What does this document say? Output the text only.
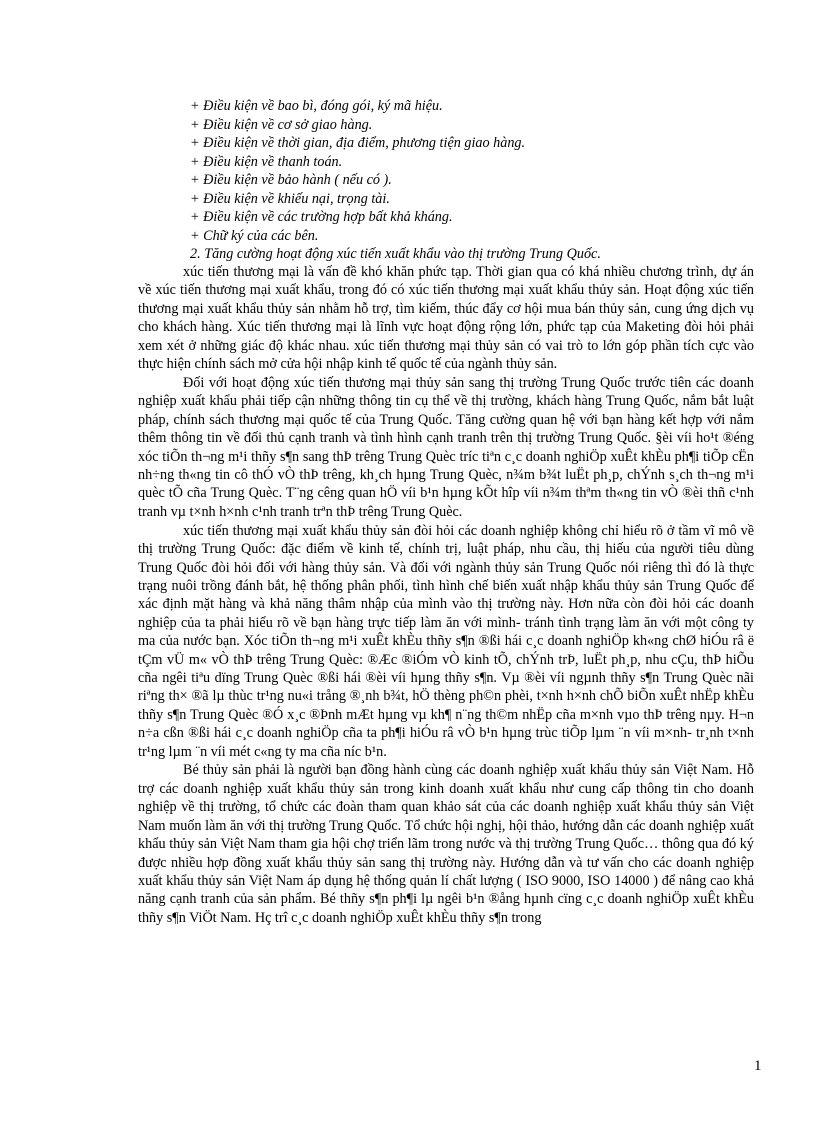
+ Điều kiện về bao bì, đóng gói, ký mã hiệu.
+ Điều kiện về cơ sở giao hàng.
+ Điều kiện về thời gian, địa điểm, phương tiện giao hàng.
+ Điều kiện về thanh toán.
+ Điều kiện về bảo hành ( nếu có ).
+ Điều kiện về khiếu nại, trọng tài.
+ Điều kiện về các trường hợp bất khả kháng.
+ Chữ ký của các bên.
2. Tăng cường hoạt động xúc tiến xuất khẩu vào thị trường Trung Quốc.

xúc tiến thương mại là vấn đề khó khăn phức tạp. Thời gian qua có khá nhiều chương trình, dự án về xúc tiến thương mại xuất khẩu, trong đó có xúc tiến thương mại xuất khẩu thủy sản. Hoạt động xúc tiến thương mại xuất khẩu thủy sản nhằm hỗ trợ, tìm kiếm, thúc đẩy cơ hội mua bán thủy sản, cung ứng dịch vụ cho khách hàng. Xúc tiến thương mại là lĩnh vực hoạt động rộng lớn, phức tạp của Maketing đòi hỏi phải xem xét ở những giác độ khác nhau. xúc tiến thương mại thủy sản có vai trò to lớn góp phần tích cực vào thực hiện chính sách mở cửa hội nhập kinh tế quốc tế của ngành thủy sản.

Đối với hoạt động xúc tiến thương mại thủy sản sang thị trường Trung Quốc trước tiên các doanh nghiệp xuất khẩu phải tiếp cận những thông tin cụ thể về thị trường, khách hàng Trung Quốc, nắm bắt luật pháp, chính sách thương mại quốc tế của Trung Quốc. Tăng cường quan hệ với bạn hàng kết hợp với nắm thêm thông tin về đối thủ cạnh tranh và tình hình cạnh tranh trên thị trường Trung Quốc. §èi víi ho¹t ®éng xóc tiÕn th¬ng m¹i thñy s¶n sang thÞ trêng Trung Quèc tríc tiªn c¸c doanh nghiÖp xuÊt khÈu ph¶i tiÕp cËn nh÷ng th«ng tin cô thÓ vÒ thÞ trêng, kh¸ch hµng Trung Quèc, n¾m b¾t luËt ph¸p, chÝnh s¸ch th¬ng m¹i quèc tÕ cña Trung Quèc. T¨ng cêng quan hÖ víi b¹n hµng kÕt hîp víi n¾m thªm th«ng tin vÒ ®èi thñ c¹nh tranh vµ t×nh h×nh c¹nh tranh trªn thÞ trêng Trung Quèc.

xúc tiến thương mại xuất khẩu thủy sản đòi hỏi các doanh nghiệp không chỉ hiểu rõ ở tầm vĩ mô về thị trường Trung Quốc: đặc điểm về kinh tế, chính trị, luật pháp, nhu cầu, thị hiếu của người tiêu dùng Trung Quốc đòi hỏi đối với hàng thủy sản. Và đối với ngành thủy sản Trung Quốc nói riêng thì đó là thực trạng nuôi trồng đánh bắt, hệ thống phân phối, tình hình chế biến xuất nhập khẩu thủy sản Trung Quốc để xác định mặt hàng và khả năng thâm nhập của mình vào thị trường này. Hơn nữa còn đòi hỏi các doanh nghiệp của ta phải hiểu rõ về bạn hàng trực tiếp làm ăn với mình- tránh tình trạng làm ăn với một công ty ma của nước bạn. Xóc tiÕn th¬ng m¹i xuÊt khÈu thñy s¶n ®ßi hái c¸c doanh nghiÖp kh«ng chØ hiÓu râ ë tÇm vÜ m« vÒ thÞ trêng Trung Quèc: ®Æc ®iÓm vÒ kinh tÕ, chÝnh trÞ, luËt ph¸p, nhu cÇu, thÞ hiÕu cña ngêi tiªu dïng Trung Quèc ®ßi hái ®èi víi hµng thñy s¶n. Vµ ®èi víi ngµnh thñy s¶n Trung Quèc nãi riªng th× ®ã lµ thùc tr¹ng nu«i trång ®¸nh b¾t, hÖ thèng ph©n phèi, t×nh h×nh chÕ biÕn xuÊt nhËp khÈu thñy s¶n Trung Quèc ®Ó x¸c ®Þnh mÆt hµng vµ kh¶ n¨ng th©m nhËp cña m×nh vµo thÞ trêng nµy. H¬n n÷a cßn ®ßi hái c¸c doanh nghiÖp cña ta ph¶i hiÓu râ vÒ b¹n hµng trùc tiÕp lµm ¨n víi m×nh- tr¸nh t×nh tr¹ng lµm ¨n víi mét c«ng ty ma cña níc b¹n.

Bé thủy sản phải là người bạn đồng hành cùng các doanh nghiệp xuất khẩu thủy sản Việt Nam. Hỗ trợ các doanh nghiệp xuất khẩu thủy sản trong kinh doanh xuất khẩu như cung cấp thông tin cho doanh nghiệp về thị trường, tổ chức các đoàn tham quan khảo sát của các doanh nghiệp xuất khẩu thủy sản Việt Nam muốn làm ăn với thị trường Trung Quốc. Tổ chức hội nghị, hội thảo, hướng dẫn các doanh nghiệp xuất khẩu thủy sản Việt Nam tham gia hội chợ triển lãm trong nước và thị trường Trung Quốc… thông qua đó ký được nhiều hợp đồng xuất khẩu thủy sản sang thị trường này. Hướng dẫn và tư vấn cho các doanh nghiệp xuất khẩu thủy sản Việt Nam áp dụng hệ thống quản lí chất lượng ( ISO 9000, ISO 14000 ) để nâng cao khả năng cạnh tranh của sản phẩm. Bé thñy s¶n ph¶i lµ ngêi b¹n ®ång hµnh cïng c¸c doanh nghiÖp xuÊt khÈu thñy s¶n ViÖt Nam. Hç trî c¸c doanh nghiÖp xuÊt khÈu thñy s¶n trong

1
